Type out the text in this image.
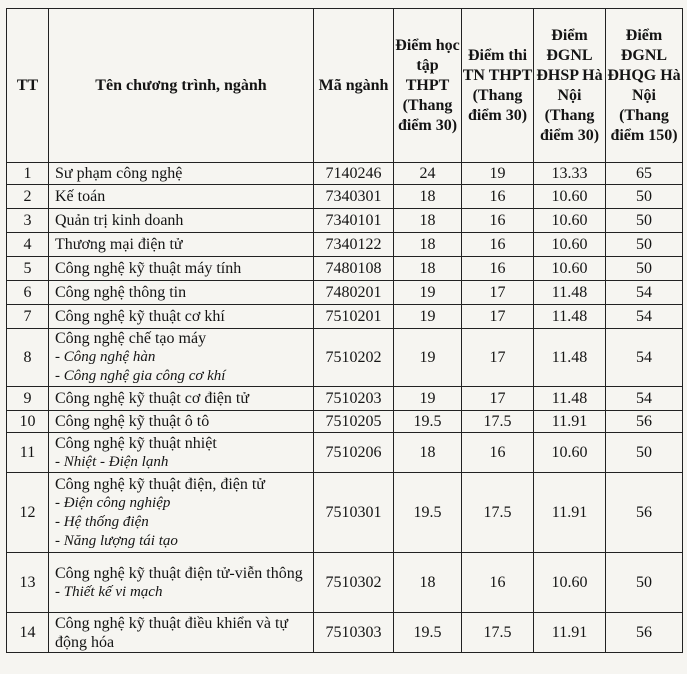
TT	Tên chương trình, ngành	Mã ngành	Điểm học tập THPT (Thang điểm 30)	Điểm thi TN THPT (Thang điểm 30)	Điểm ĐGNL ĐHSP Hà Nội (Thang điểm 30)	Điểm ĐGNL ĐHQG Hà Nội (Thang điểm 150)
1	Sư phạm công nghệ	7140246	24	19	13.33	65
2	Kế toán	7340301	18	16	10.60	50
3	Quản trị kinh doanh	7340101	18	16	10.60	50
4	Thương mại điện tử	7340122	18	16	10.60	50
5	Công nghệ kỹ thuật máy tính	7480108	18	16	10.60	50
6	Công nghệ thông tin	7480201	19	17	11.48	54
7	Công nghệ kỹ thuật cơ khí	7510201	19	17	11.48	54
8	Công nghệ chế tạo máy
- Công nghệ hàn
- Công nghệ gia công cơ khí	7510202	19	17	11.48	54
9	Công nghệ kỹ thuật cơ điện tử	7510203	19	17	11.48	54
10	Công nghệ kỹ thuật ô tô	7510205	19.5	17.5	11.91	56
11	Công nghệ kỹ thuật nhiệt
- Nhiệt - Điện lạnh	7510206	18	16	10.60	50
12	Công nghệ kỹ thuật điện, điện tử
- Điện công nghiệp
- Hệ thống điện
- Năng lượng tái tạo	7510301	19.5	17.5	11.91	56
13	Công nghệ kỹ thuật điện tử-viễn thông
- Thiết kế vi mạch	7510302	18	16	10.60	50
14	Công nghệ kỹ thuật điều khiển và tự động hóa	7510303	19.5	17.5	11.91	56
